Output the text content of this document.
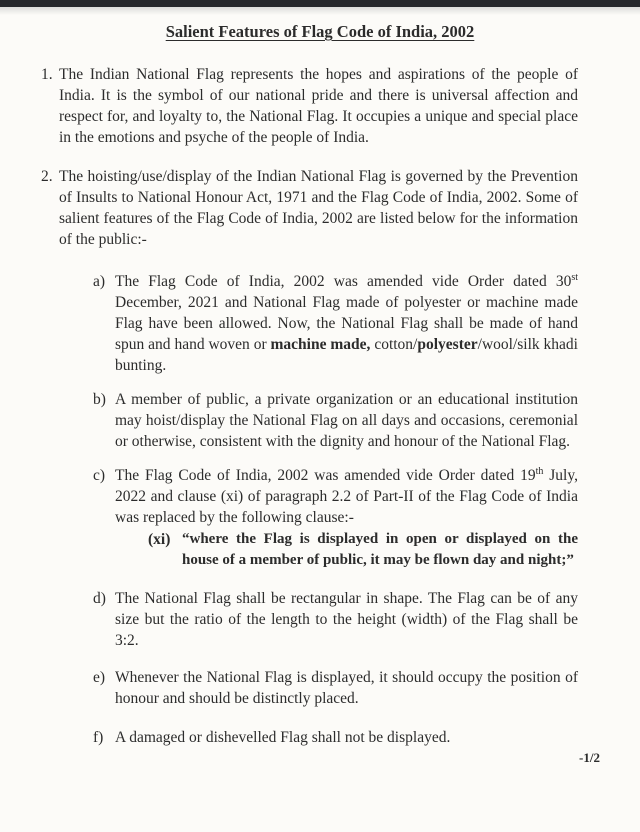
Salient Features of Flag Code of India, 2002
1. The Indian National Flag represents the hopes and aspirations of the people of India. It is the symbol of our national pride and there is universal affection and respect for, and loyalty to, the National Flag. It occupies a unique and special place in the emotions and psyche of the people of India.

2. The hoisting/use/display of the Indian National Flag is governed by the Prevention of Insults to National Honour Act, 1971 and the Flag Code of India, 2002. Some of salient features of the Flag Code of India, 2002 are listed below for the information of the public:-

a) The Flag Code of India, 2002 was amended vide Order dated 30st December, 2021 and National Flag made of polyester or machine made Flag have been allowed. Now, the National Flag shall be made of hand spun and hand woven or machine made, cotton/polyester/wool/silk khadi bunting.

b) A member of public, a private organization or an educational institution may hoist/display the National Flag on all days and occasions, ceremonial or otherwise, consistent with the dignity and honour of the National Flag.

c) The Flag Code of India, 2002 was amended vide Order dated 19th July, 2022 and clause (xi) of paragraph 2.2 of Part-II of the Flag Code of India was replaced by the following clause:-

(xi) “where the Flag is displayed in open or displayed on the house of a member of public, it may be flown day and night;”

d) The National Flag shall be rectangular in shape. The Flag can be of any size but the ratio of the length to the height (width) of the Flag shall be 3:2.

e) Whenever the National Flag is displayed, it should occupy the position of honour and should be distinctly placed.

f) A damaged or dishevelled Flag shall not be displayed.

-1/2
